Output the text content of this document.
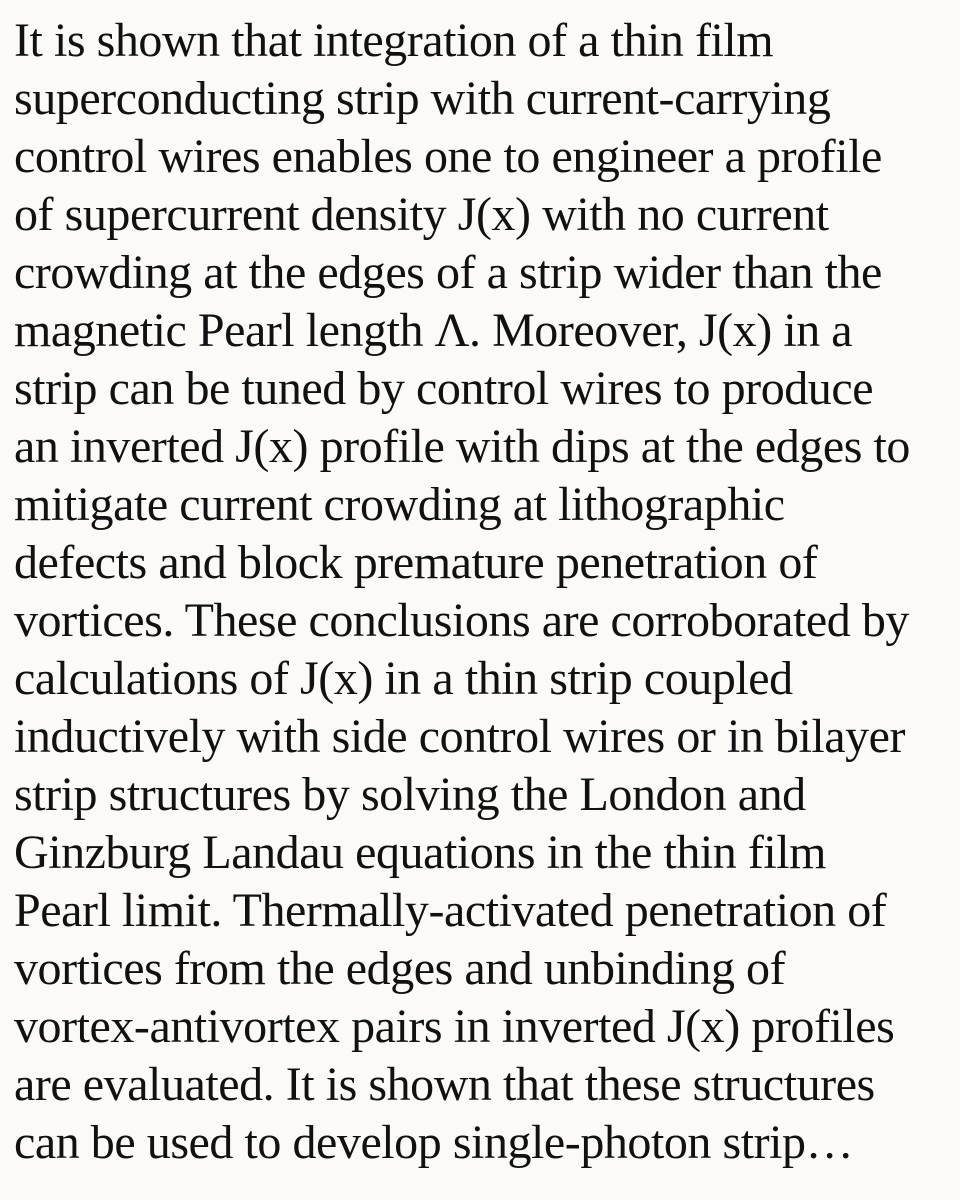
It is shown that integration of a thin film
superconducting strip with current-carrying
control wires enables one to engineer a profile
of supercurrent density J(x) with no current
crowding at the edges of a strip wider than the
magnetic Pearl length Λ. Moreover, J(x) in a
strip can be tuned by control wires to produce
an inverted J(x) profile with dips at the edges to
mitigate current crowding at lithographic
defects and block premature penetration of
vortices. These conclusions are corroborated by
calculations of J(x) in a thin strip coupled
inductively with side control wires or in bilayer
strip structures by solving the London and
Ginzburg Landau equations in the thin film
Pearl limit. Thermally-activated penetration of
vortices from the edges and unbinding of
vortex-antivortex pairs in inverted J(x) profiles
are evaluated. It is shown that these structures
can be used to develop single-photon strip…
